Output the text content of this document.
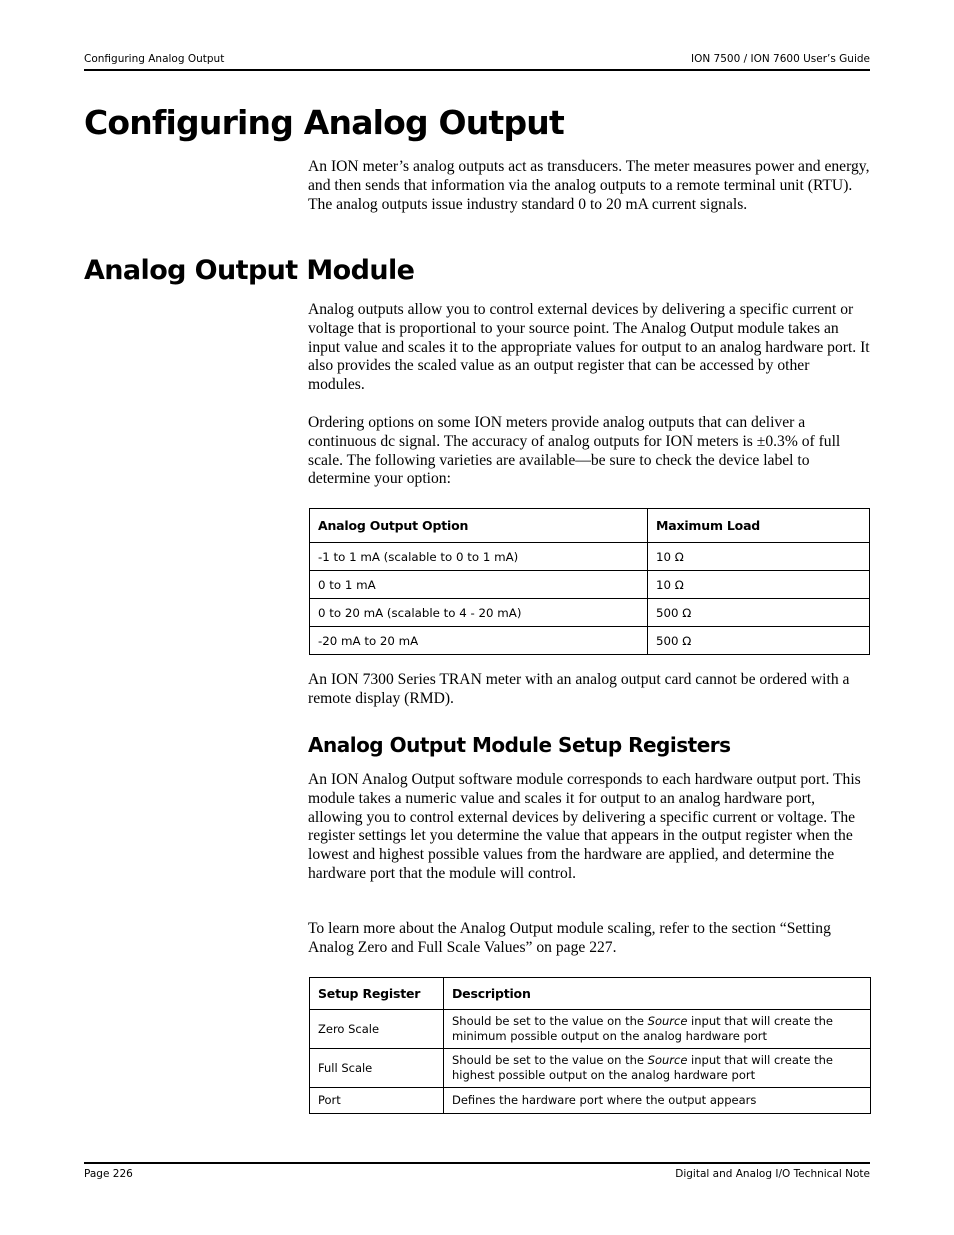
Configuring Analog Output	ION 7500 / ION 7600 User’s Guide
Configuring Analog Output
An ION meter’s analog outputs act as transducers. The meter measures power and energy, and then sends that information via the analog outputs to a remote terminal unit (RTU). The analog outputs issue industry standard 0 to 20 mA current signals.
Analog Output Module
Analog outputs allow you to control external devices by delivering a specific current or voltage that is proportional to your source point. The Analog Output module takes an input value and scales it to the appropriate values for output to an analog hardware port. It also provides the scaled value as an output register that can be accessed by other modules.
Ordering options on some ION meters provide analog outputs that can deliver a continuous dc signal. The accuracy of analog outputs for ION meters is ±0.3% of full scale. The following varieties are available—be sure to check the device label to determine your option:
Analog Output Option	Maximum Load
-1 to 1 mA (scalable to 0 to 1 mA)	10 Ω
0 to 1 mA	10 Ω
0 to 20 mA (scalable to 4 - 20 mA)	500 Ω
-20 mA to 20 mA	500 Ω
An ION 7300 Series TRAN meter with an analog output card cannot be ordered with a remote display (RMD).
Analog Output Module Setup Registers
An ION Analog Output software module corresponds to each hardware output port. This module takes a numeric value and scales it for output to an analog hardware port, allowing you to control external devices by delivering a specific current or voltage. The register settings let you determine the value that appears in the output register when the lowest and highest possible values from the hardware are applied, and determine the hardware port that the module will control.
To learn more about the Analog Output module scaling, refer to the section “Setting Analog Zero and Full Scale Values” on page 227.
Setup Register	Description
Zero Scale	Should be set to the value on the Source input that will create the minimum possible output on the analog hardware port
Full Scale	Should be set to the value on the Source input that will create the highest possible output on the analog hardware port
Port	Defines the hardware port where the output appears
Page 226	Digital and Analog I/O Technical Note
